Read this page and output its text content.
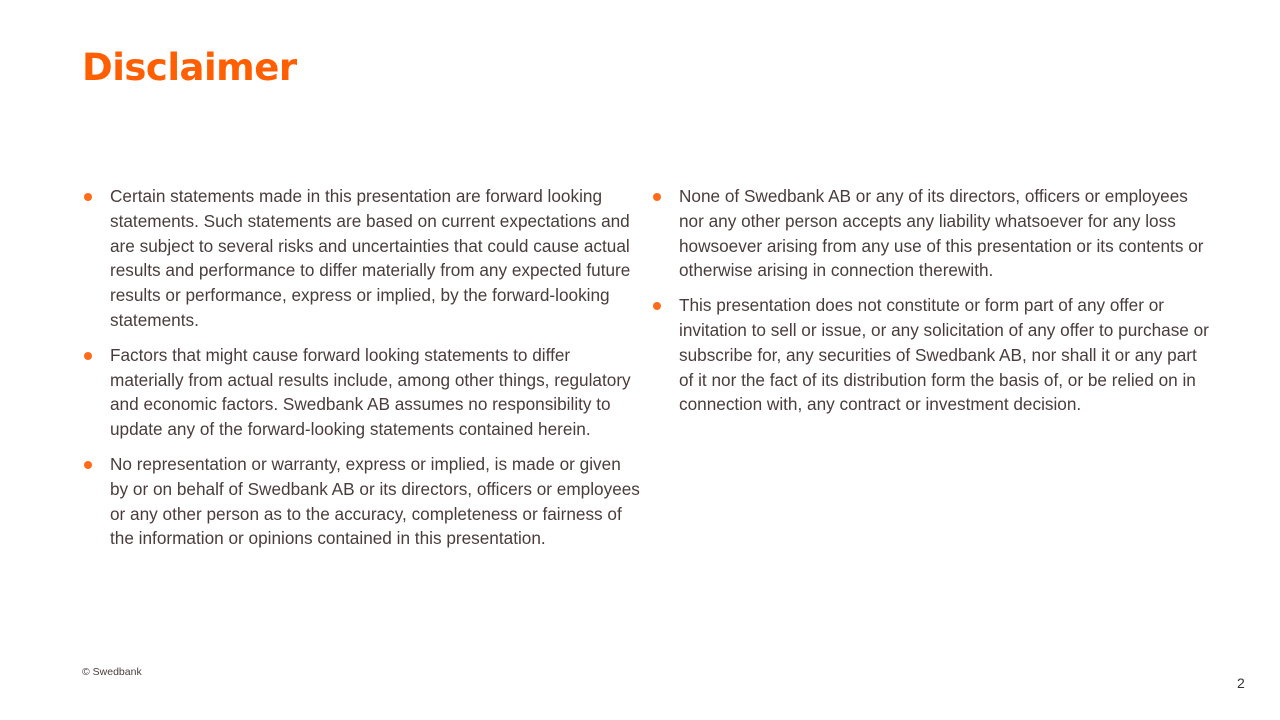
Disclaimer
Certain statements made in this presentation are forward looking statements. Such statements are based on current expectations and are subject to several risks and uncertainties that could cause actual results and performance to differ materially from any expected future results or performance, express or implied, by the forward-looking statements.
Factors that might cause forward looking statements to differ materially from actual results include, among other things, regulatory and economic factors. Swedbank AB assumes no responsibility to update any of the forward-looking statements contained herein.
No representation or warranty, express or implied, is made or given by or on behalf of Swedbank AB or its directors, officers or employees or any other person as to the accuracy, completeness or fairness of the information or opinions contained in this presentation.
None of Swedbank AB or any of its directors, officers or employees nor any other person accepts any liability whatsoever for any loss howsoever arising from any use of this presentation or its contents or otherwise arising in connection therewith.
This presentation does not constitute or form part of any offer or invitation to sell or issue, or any solicitation of any offer to purchase or subscribe for, any securities of Swedbank AB, nor shall it or any part of it nor the fact of its distribution form the basis of, or be relied on in connection with, any contract or investment decision.
© Swedbank
2
